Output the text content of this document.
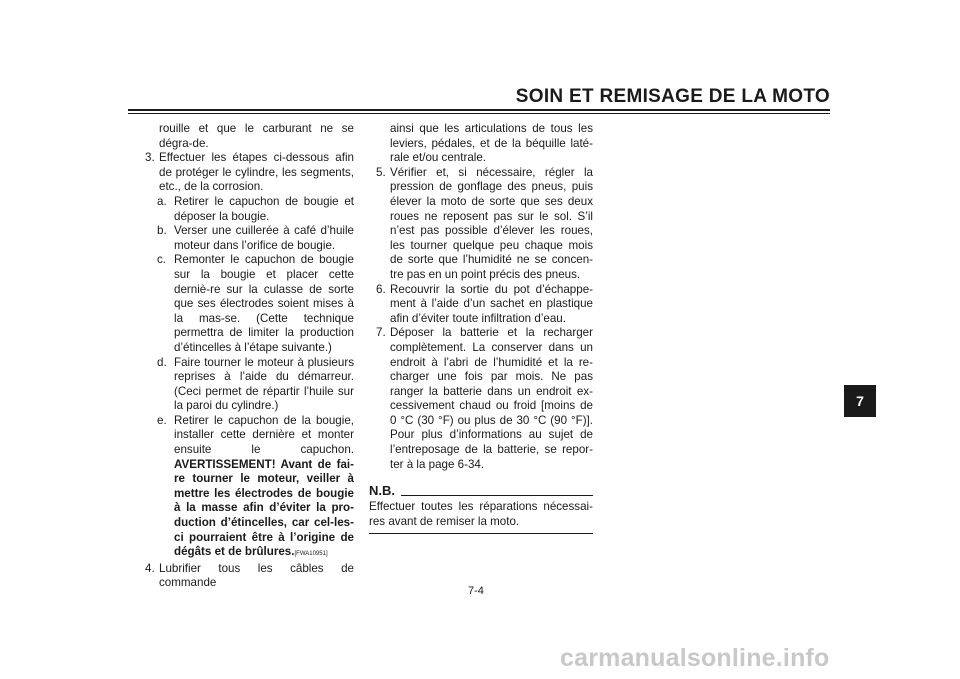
SOIN ET REMISAGE DE LA MOTO

rouille et que le carburant ne se dégra-de.

3. Effectuer les étapes ci-dessous afin de protéger le cylindre, les segments, etc., de la corrosion.
a. Retirer le capuchon de bougie et déposer la bougie.
b. Verser une cuillerée à café d’huile moteur dans l’orifice de bougie.
c. Remonter le capuchon de bougie sur la bougie et placer cette derniè-re sur la culasse de sorte que ses électrodes soient mises à la mas-se. (Cette technique permettra de limiter la production d’étincelles à l’étape suivante.)
d. Faire tourner le moteur à plusieurs reprises à l’aide du démarreur. (Ceci permet de répartir l’huile sur la paroi du cylindre.)
e. Retirer le capuchon de la bougie, installer cette dernière et monter ensuite le capuchon. AVERTISSEMENT! Avant de fai-re tourner le moteur, veiller à mettre les électrodes de bougie à la masse afin d’éviter la pro-duction d’étincelles, car cel-les-ci pourraient être à l’origine de dégâts et de brûlures.[FWA10951]
4. Lubrifier tous les câbles de commande

ainsi que les articulations de tous les leviers, pédales, et de la béquille laté-rale et/ou centrale.

5. Vérifier et, si nécessaire, régler la pression de gonflage des pneus, puis élever la moto de sorte que ses deux roues ne reposent pas sur le sol. S’il n’est pas possible d’élever les roues, les tourner quelque peu chaque mois de sorte que l’humidité ne se concen-tre pas en un point précis des pneus.
6. Recouvrir la sortie du pot d’échappe-ment à l’aide d’un sachet en plastique afin d’éviter toute infiltration d’eau.
7. Déposer la batterie et la recharger complètement. La conserver dans un endroit à l’abri de l’humidité et la re-charger une fois par mois. Ne pas ranger la batterie dans un endroit ex-cessivement chaud ou froid [moins de 0 °C (30 °F) ou plus de 30 °C (90 °F)]. Pour plus d’informations au sujet de l’entreposage de la batterie, se repor-ter à la page 6-34.
N.B.
Effectuer toutes les réparations nécessai-res avant de remiser la moto.
7
7-4
carmanualsonline.info
